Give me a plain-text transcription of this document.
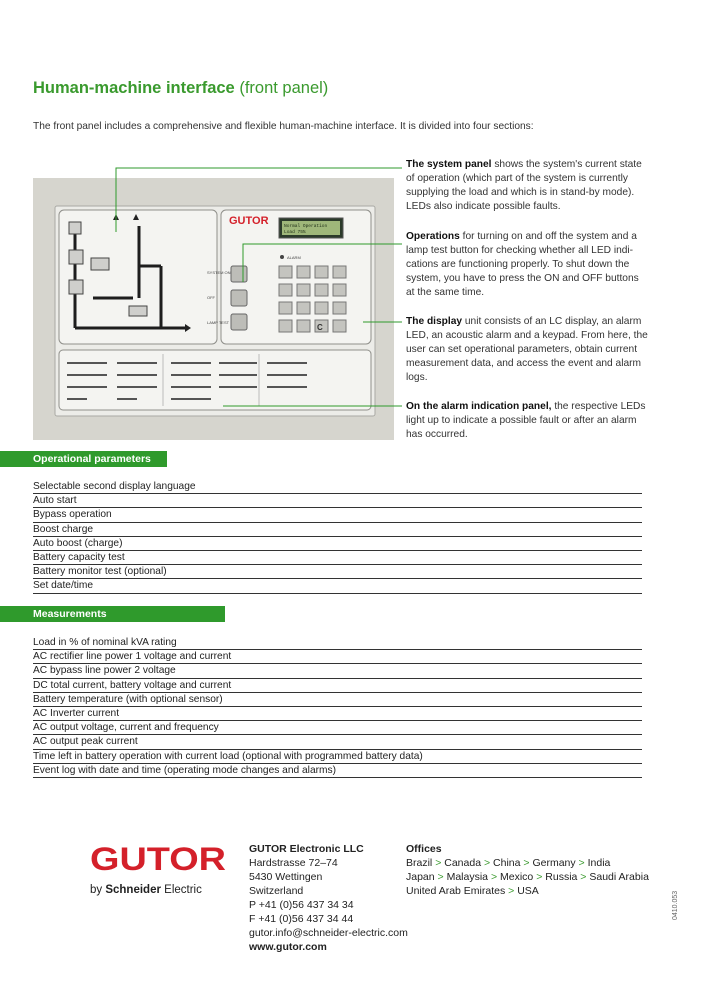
Human-machine interface (front panel)
The front panel includes a comprehensive and flexible human-machine interface. It is divided into four sections:
GUTOR	Normal Operation
Load 75%
ALARM
SYSTEM ON
OFF
LAMP TEST
C
The system panel shows the system's current state of operation (which part of the system is currently supplying the load and which is in stand-by mode). LEDs also indicate possible faults.
Operations for turning on and off the system and a lamp test button for checking whether all LED indi-cations are functioning properly. To shut down the system, you have to press the ON and OFF buttons at the same time.
The display unit consists of an LC display, an alarm LED, an acoustic alarm and a keypad. From here, the user can set operational parameters, obtain current measurement data, and access the event and alarm logs.
On the alarm indication panel, the respective LEDs light up to indicate a possible fault or after an alarm has occurred.
Operational parameters
Selectable second display language
Auto start
Bypass operation
Boost charge
Auto boost (charge)
Battery capacity test
Battery monitor test (optional)
Set date/time
Measurements
Load in % of nominal kVA rating
AC rectifier line power 1 voltage and current
AC bypass line power 2 voltage
DC total current, battery voltage and current
Battery temperature (with optional sensor)
AC Inverter current
AC output voltage, current and frequency
AC output peak current
Time left in battery operation with current load (optional with programmed battery data)
Event log with date and time (operating mode changes and alarms)
GUTOR
by Schneider Electric
GUTOR Electronic LLC
Hardstrasse 72–74
5430 Wettingen
Switzerland
P +41 (0)56 437 34 34
F +41 (0)56 437 34 44
gutor.info@schneider-electric.com
www.gutor.com
Offices
Brazil > Canada > China > Germany > India
Japan > Malaysia > Mexico > Russia > Saudi Arabia
United Arab Emirates > USA	0410.053
